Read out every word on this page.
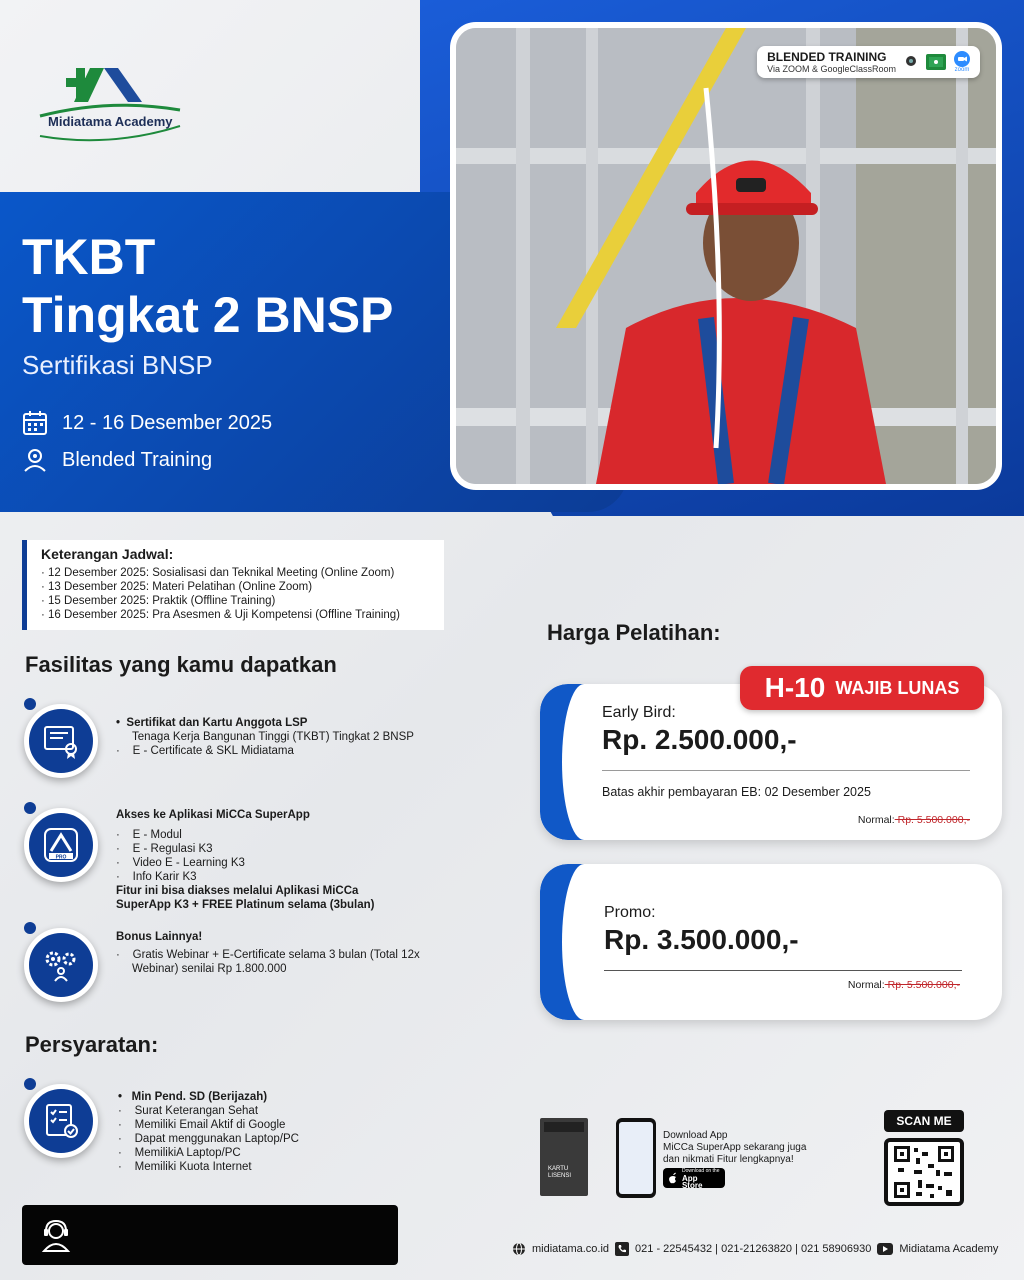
Midiatama Academy
TKBT
Tingkat 2 BNSP
Sertifikasi BNSP
12 - 16 Desember 2025
Blended Training
BLENDED TRAINING
Via ZOOM & GoogleClassRoom	zoom
Keterangan Jadwal:
· 12 Desember 2025: Sosialisasi dan Teknikal Meeting (Online Zoom)
· 13 Desember 2025: Materi Pelatihan (Online Zoom)
· 15 Desember 2025: Praktik (Offline Training)
· 16 Desember 2025: Pra Asesmen & Uji Kompetensi (Offline Training)
Fasilitas yang kamu dapatkan
•  Sertifikat dan Kartu Anggota LSP
Tenaga Kerja Bangunan Tinggi (TKBT) Tingkat 2 BNSP
·    E - Certificate & SKL Midiatama
PRO
Akses ke Aplikasi MiCCa SuperApp
·    E - Modul
·    E - Regulasi K3
·    Video E - Learning K3
·    Info Karir K3
Fitur ini bisa diakses melalui Aplikasi MiCCa
SuperApp K3 + FREE Platinum selama (3bulan)
Bonus Lainnya!
·    Gratis Webinar + E-Certificate selama 3 bulan (Total 12x
Webinar) senilai Rp 1.800.000
Persyaratan:
•   Min Pend. SD (Berijazah)
·    Surat Keterangan Sehat
·    Memiliki Email Aktif di Google
·    Dapat menggunakan Laptop/PC
·    MemilikiA Laptop/PC
·    Memiliki Kuota Internet
Harga Pelatihan:
Early Bird:
Rp. 2.500.000,-
Batas akhir pembayaran EB: 02 Desember 2025
Normal: Rp. 5.500.000,-
H-10 WAJIB LUNAS
Promo:
Rp. 3.500.000,-
Normal: Rp. 5.500.000,-
KARTU
LISENSI
Download App
MiCCa SuperApp sekarang juga
dan nikmati Fitur lengkapnya!
Download on the
App Store
SCAN ME
midiatama.co.id 021 - 22545432 | 021-21263820 | 021 58906930	Midiatama Academy
